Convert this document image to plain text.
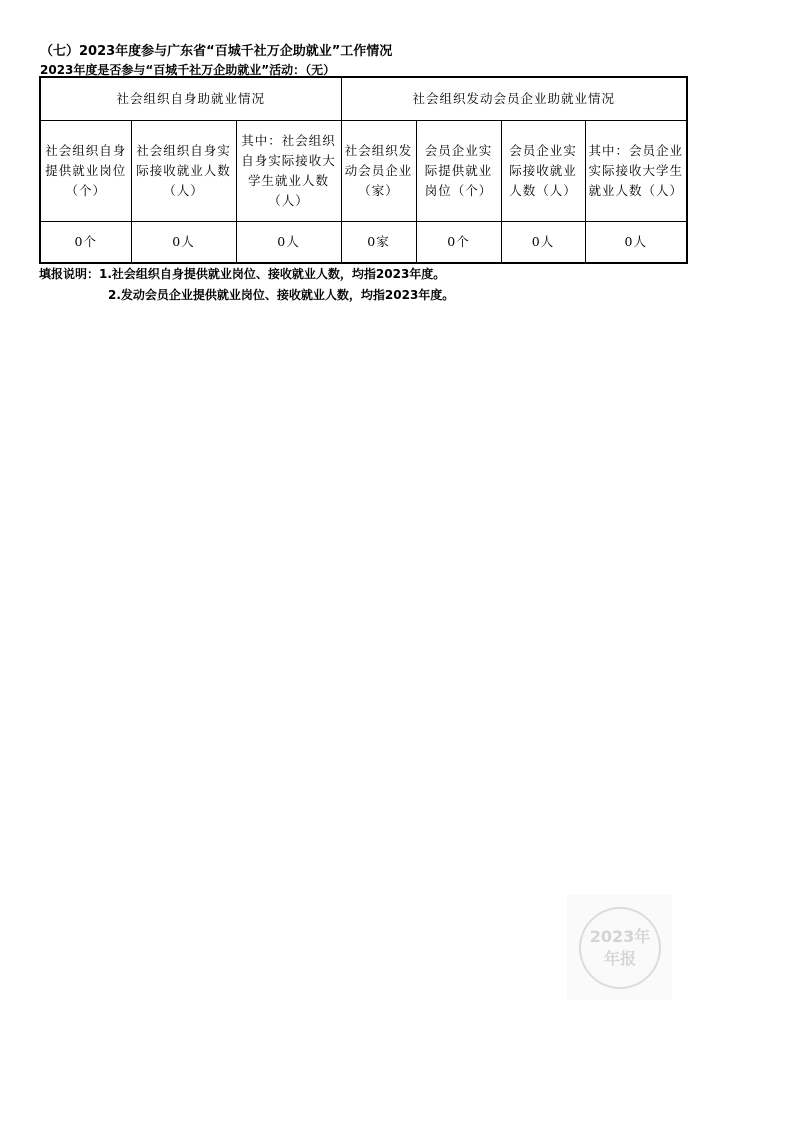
（七）2023年度参与广东省“百城千社万企助就业”工作情况
2023年度是否参与“百城千社万企助就业”活动：（无）
社会组织自身助就业情况			社会组织发动会员企业助就业情况			
社会组织自身提供就业岗位（个）	社会组织自身实际接收就业人数（人）	其中：社会组织自身实际接收大学生就业人数（人）	社会组织发动会员企业（家）	会员企业实际提供就业岗位（个）	会员企业实际接收就业人数（人）	其中：会员企业实际接收大学生就业人数（人）
0个	0人	0人	0家	0个	0人	0人
填报说明：1.社会组织自身提供就业岗位、接收就业人数，均指2023年度。
2.发动会员企业提供就业岗位、接收就业人数，均指2023年度。
2023年
年报
